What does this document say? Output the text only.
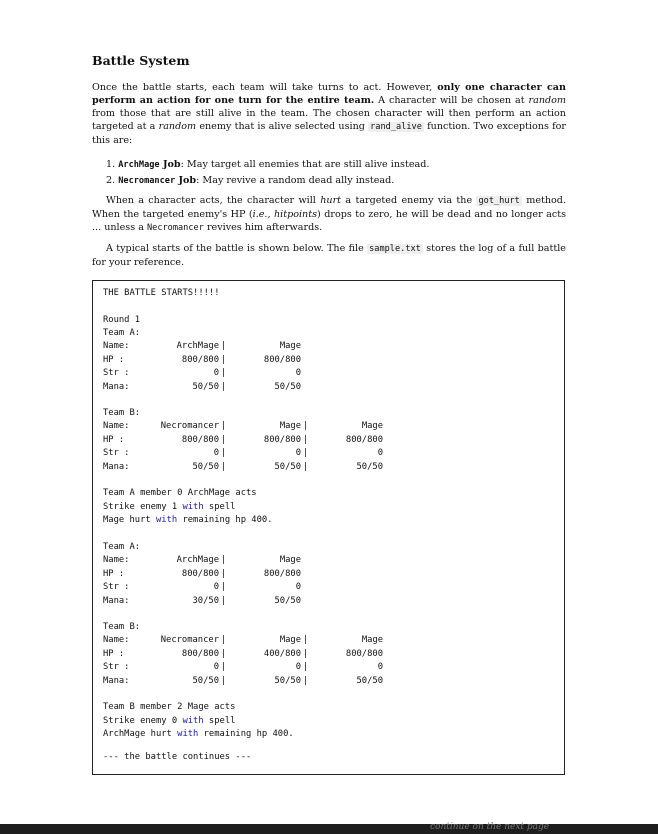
Battle System

Once the battle starts, each team will take turns to act. However, only one character can perform an action for one turn for the entire team. A character will be chosen at random from those that are still alive in the team. The chosen character will then perform an action targeted at a random enemy that is alive selected using rand_alive function. Two exceptions for this are:

1. ArchMage Job: May target all enemies that are still alive instead.
2. Necromancer Job: May revive a random dead ally instead.

When a character acts, the character will hurt a targeted enemy via the got_hurt method. When the targeted enemy's HP (i.e., hitpoints) drops to zero, he will be dead and no longer acts ... unless a Necromancer revives him afterwards.

A typical starts of the battle is shown below. The file sample.txt stores the log of a full battle for your reference.

THE BATTLE STARTS!!!!!
Round 1
Team A:
Name:	ArchMage |	Mage
HP :	800/800 |	800/800
Str :	0 |	0
Mana:	50/50 |	50/50
Team B:
Name:	Necromancer |	Mage |	Mage
HP :	800/800 |	800/800 |	800/800
Str :	0 |	0 |	0
Mana:	50/50 |	50/50 |	50/50
Team A member 0 ArchMage acts
Strike enemy 1 with spell
Mage hurt with remaining hp 400.
Team A:
Name:	ArchMage |	Mage
HP :	800/800 |	800/800
Str :	0 |	0
Mana:	30/50 |	50/50
Team B:
Name:	Necromancer |	Mage |	Mage
HP :	800/800 |	400/800 |	800/800
Str :	0 |	0 |	0
Mana:	50/50 |	50/50 |	50/50
Team B member 2 Mage acts
Strike enemy 0 with spell
ArchMage hurt with remaining hp 400.
--- the battle continues ---
continue on the next page
